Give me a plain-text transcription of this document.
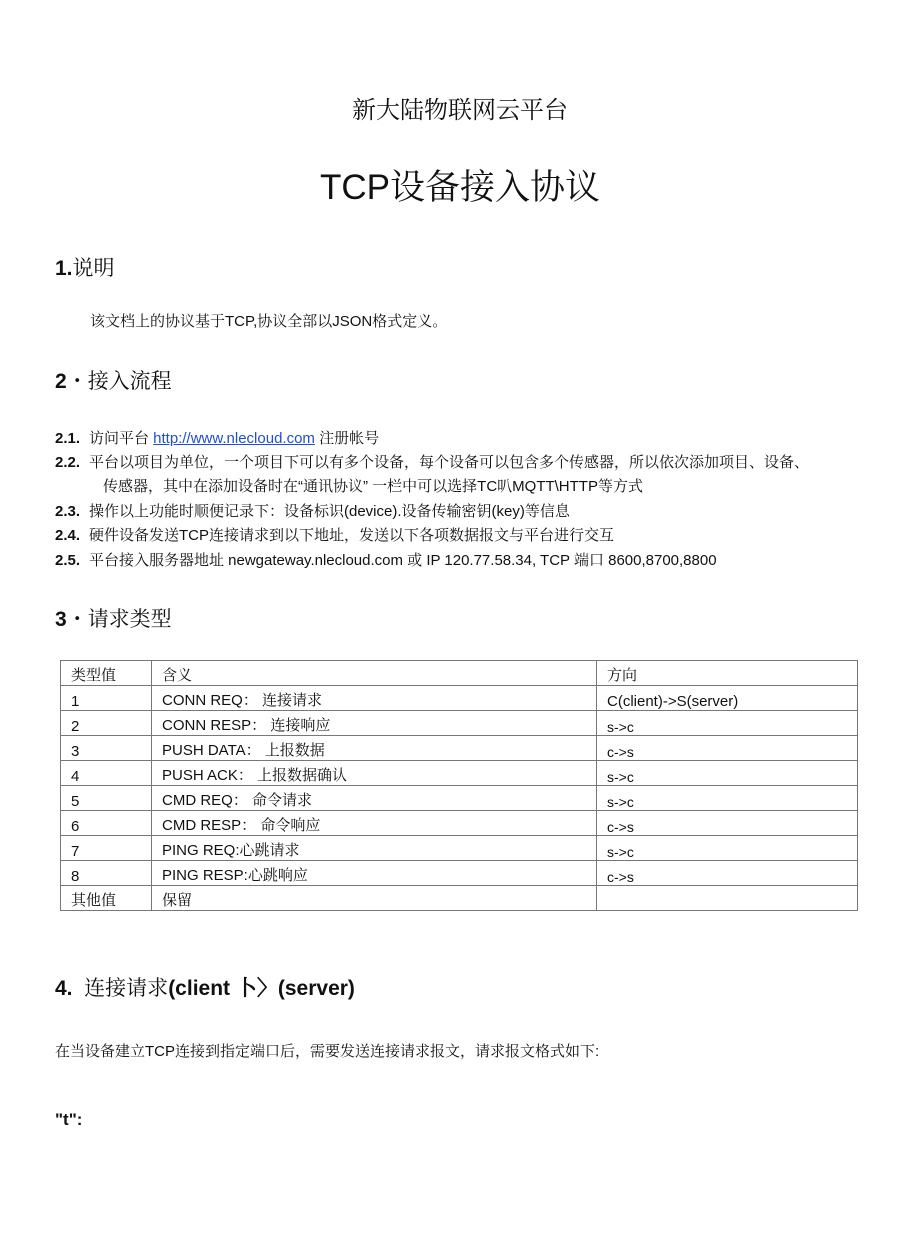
新大陆物联网云平台
TCP设备接入协议
1.说明
该文档上的协议基于TCP,协议全部以JSON格式定义。
2・接入流程
2.1. 访问平台 http://www.nlecloud.com 注册帐号
2.2. 平台以项目为单位，一个项目下可以有多个设备，每个设备可以包含多个传感器，所以依次添加项目、设备、
传感器，其中在添加设备时在“通讯协议” 一栏中可以选择TC叭MQTT\HTTP等方式
2.3. 操作以上功能时顺便记录下：设备标识(device).设备传输密钥(key)等信息
2.4. 硬件设备发送TCP连接请求到以下地址，发送以下各项数据报文与平台进行交互
2.5. 平台接入服务器地址 newgateway.nlecloud.com 或 IP 120.77.58.34, TCP 端口 8600,8700,8800
3・请求类型
类型值	含义	方向
1	CONN REQ： 连接请求	C(client)->S(server)
2	CONN RESP： 连接响应	s->c
3	PUSH DATA： 上报数据	c->s
4	PUSH ACK： 上报数据确认	s->c
5	CMD REQ： 命令请求	s->c
6	CMD RESP： 命令响应	c->s
7	PING REQ:心跳请求	s->c
8	PING RESP:心跳响应	c->s
其他值	保留	
4. 连接请求(client 卜〉(server)
在当设备建立TCP连接到指定端口后，需要发送连接请求报文，请求报文格式如下:
"t":
